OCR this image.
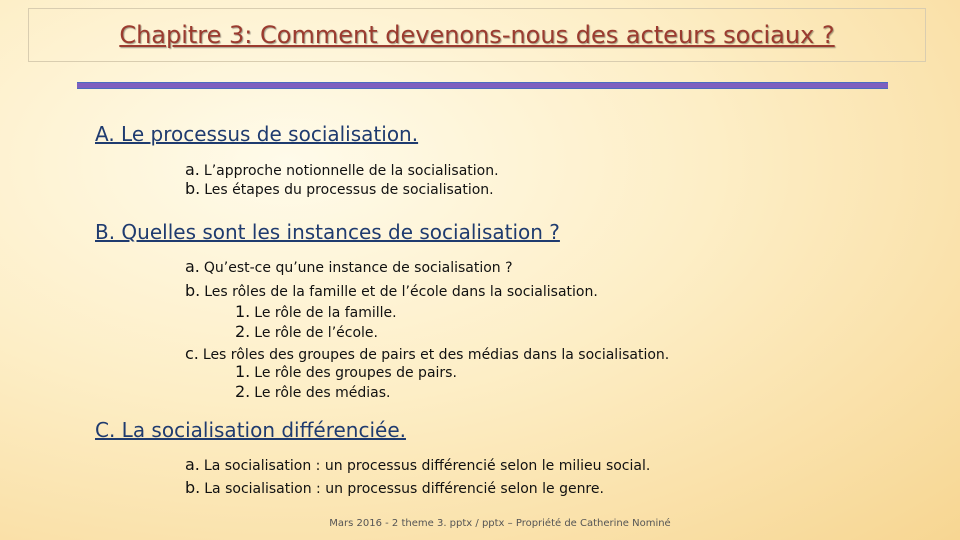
Chapitre 3: Comment devenons-nous des acteurs sociaux ?
A. Le processus de socialisation.
a. L’approche notionnelle de la socialisation.
b. Les étapes du processus de socialisation.
B. Quelles sont les instances de socialisation ?
a. Qu’est-ce qu’une instance de socialisation ?
b. Les rôles de la famille et de l’école dans la socialisation.
1. Le rôle de la famille.
2. Le rôle de l’école.
c. Les rôles des groupes de pairs et des médias dans la socialisation.
1. Le rôle des groupes de pairs.
2. Le rôle des médias.
C. La socialisation différenciée.
a. La socialisation : un processus différencié selon le milieu social.
b. La socialisation : un processus différencié selon le genre.
Mars 2016 - 2 theme 3. pptx / pptx – Propriété de Catherine Nominé
